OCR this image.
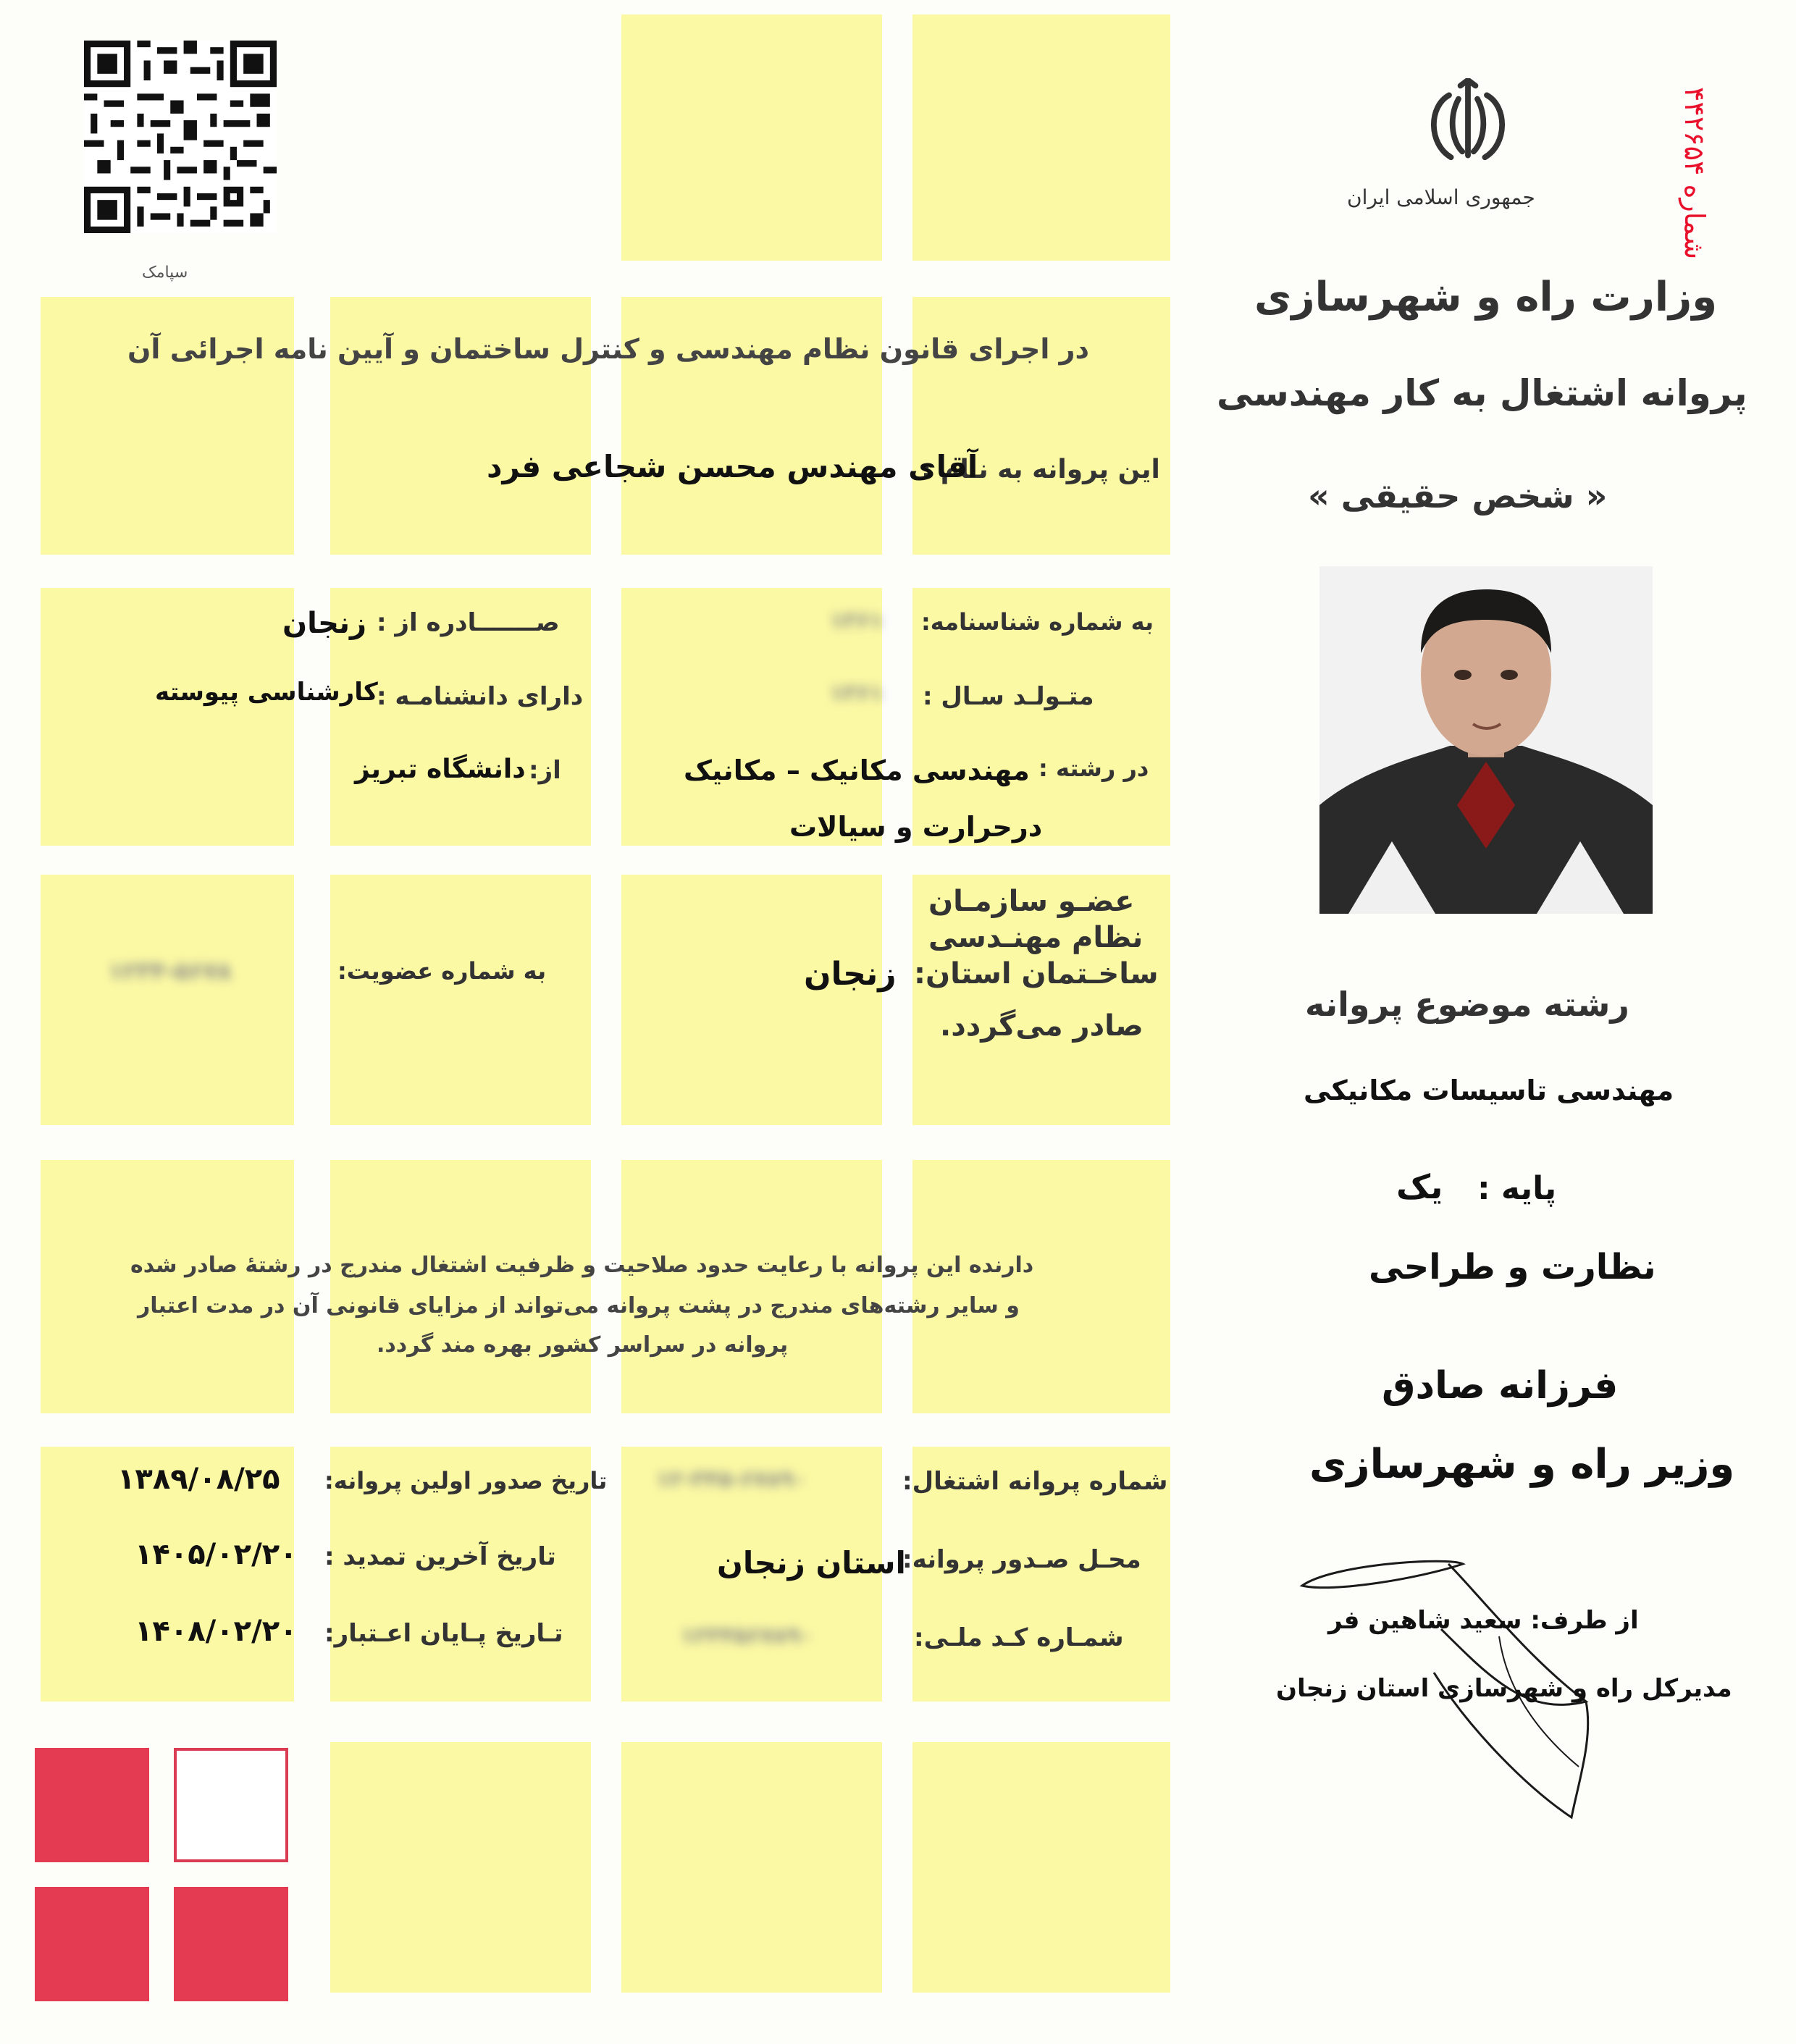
سپامک
شماره ۴۴۲۶۵۴
جمهوری اسلامی ایران
وزارت راه و شهرسازی
پروانه اشتغال به کار مهندسی
« شخص حقیقی »
رشته موضوع پروانه
مهندسی تاسیسات مکانیکی
پایه :
یک
نظارت و طراحی
فرزانه صادق
وزیر راه و شهرسازی
از طرف: سعید شاهین فر
مدیرکل راه و شهرسازی استان زنجان
در اجرای قانون نظام مهندسی و کنترل ساختمان و آیین نامه اجرائی آن
این پروانه به نـام :
آقای مهندس محسن شجاعی فرد
به شماره شناسنامه:
۱۳۶۱
صـــــــادره از :
زنجان
متـولـد سـال :
۱۳۶۱
دارای دانشنامـه :
کارشناسی پیوسته
در رشته :
مهندسی مکانیک – مکانیک
درحرارت و سیالات
از:
دانشگاه تبریز
عضـو سازمـان
نظام مهنـدسی
ساخـتمان استان:
زنجان
صادر می‌گردد.
به شماره عضویت:
۱۲۳۴-۵۶۷۸
دارنده این پروانه با رعایت حدود صلاحیت و ظرفیت اشتغال مندرج در رشتهٔ صادر شده
و سایر رشته‌های مندرج در پشت پروانه می‌تواند از مزایای قانونی آن در مدت اعتبار
پروانه در سراسر کشور بهره مند گردد.
شماره پروانه اشتغال:
۱۲-۳۴۵-۶۷۸۹۰
محـل صـدور پروانه:
استان زنجان
شمـاره کـد ملـی:
۱۲۳۴۵۶۷۸۹۰
تاریخ صدور اولین پروانه:
۱۳۸۹/۰۸/۲۵
تاریخ آخرین تمدید :
۱۴۰۵/۰۲/۲۰
تـاریخ پـایان اعـتبار:
۱۴۰۸/۰۲/۲۰
